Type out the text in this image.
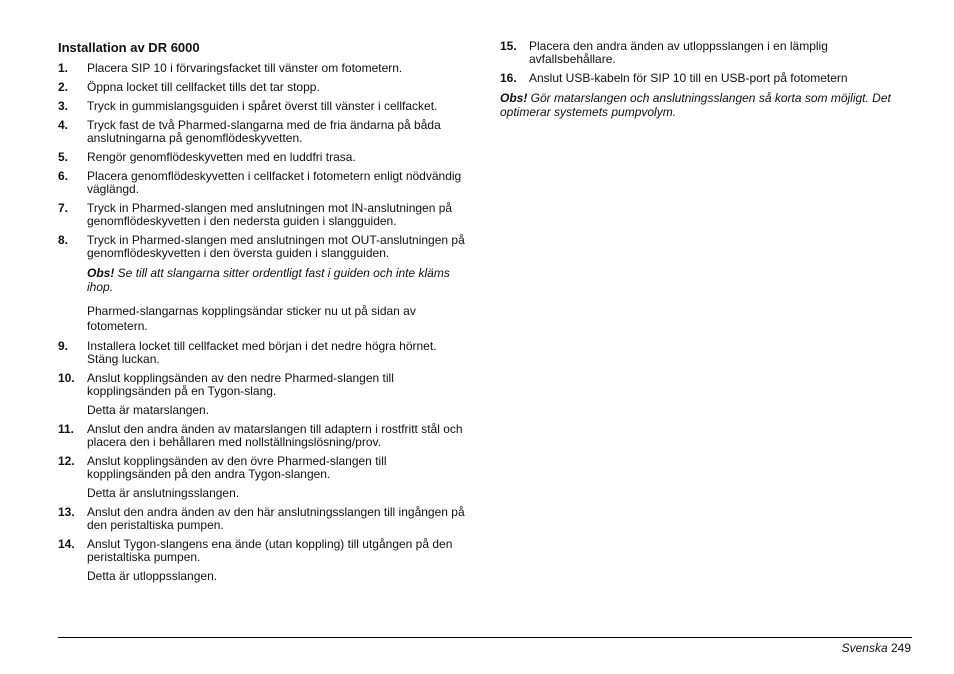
Installation av DR 6000
1.	Placera SIP 10 i förvaringsfacket till vänster om fotometern.
2.	Öppna locket till cellfacket tills det tar stopp.
3.	Tryck in gummislangsguiden i spåret överst till vänster i cellfacket.
4.	Tryck fast de två Pharmed-slangarna med de fria ändarna på båda anslutningarna på genomflödeskyvetten.
5.	Rengör genomflödeskyvetten med en luddfri trasa.
6.	Placera genomflödeskyvetten i cellfacket i fotometern enligt nödvändig väglängd.
7.	Tryck in Pharmed-slangen med anslutningen mot IN-anslutningen på genomflödeskyvetten i den nedersta guiden i slangguiden.
8.	Tryck in Pharmed-slangen med anslutningen mot OUT-anslutningen på genomflödeskyvetten i den översta guiden i slangguiden.
Obs! Se till att slangarna sitter ordentligt fast i guiden och inte kläms ihop.
Pharmed-slangarnas kopplingsändar sticker nu ut på sidan av fotometern.
9.	Installera locket till cellfacket med början i det nedre högra hörnet. Stäng luckan.
10.	Anslut kopplingsänden av den nedre Pharmed-slangen till kopplingsänden på en Tygon-slang.
Detta är matarslangen.
11.	Anslut den andra änden av matarslangen till adaptern i rostfritt stål och placera den i behållaren med nollställningslösning/prov.
12.	Anslut kopplingsänden av den övre Pharmed-slangen till kopplingsänden på den andra Tygon-slangen.
Detta är anslutningsslangen.
13.	Anslut den andra änden av den här anslutningsslangen till ingången på den peristaltiska pumpen.
14.	Anslut Tygon-slangens ena ände (utan koppling) till utgången på den peristaltiska pumpen.
Detta är utloppsslangen.
15.	Placera den andra änden av utloppsslangen i en lämplig avfallsbehållare.
16.	Anslut USB-kabeln för SIP 10 till en USB-port på fotometern
Obs! Gör matarslangen och anslutningsslangen så korta som möjligt. Det optimerar systemets pumpvolym.
Svenska 249
